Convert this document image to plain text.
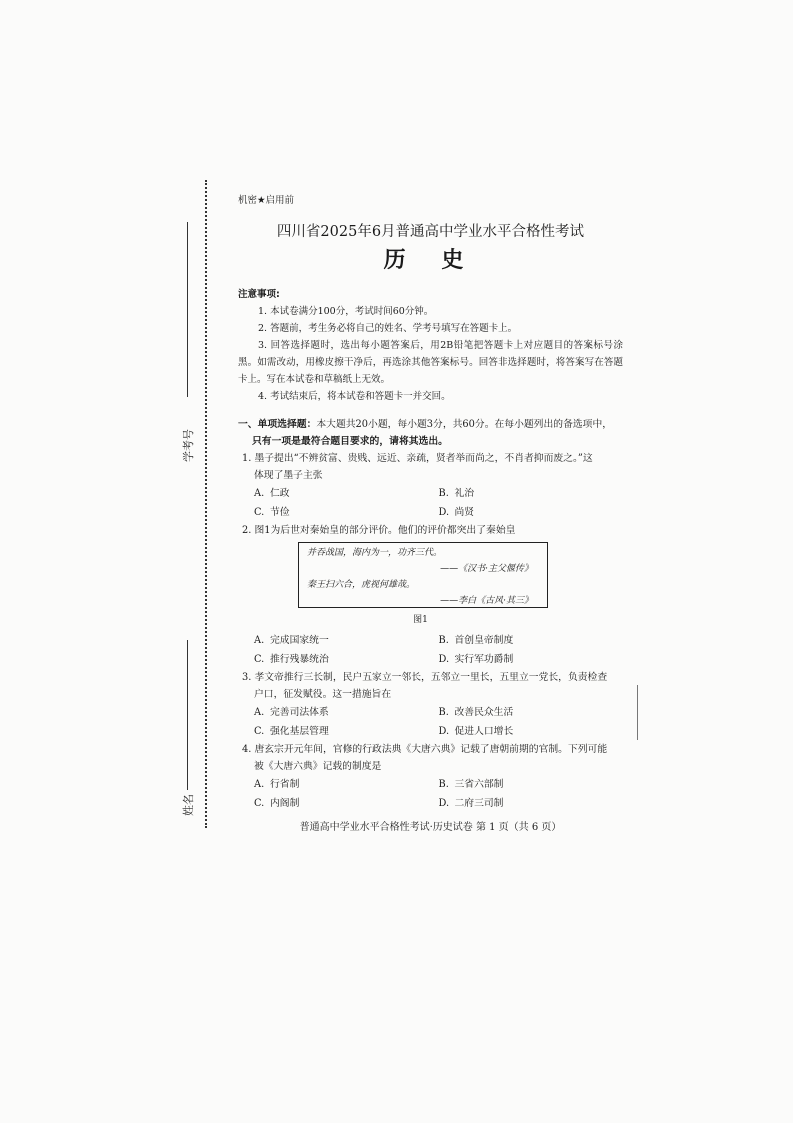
学考号
姓名
机密★启用前
四川省2025年6月普通高中学业水平合格性考试
历 史
注意事项:
1. 本试卷满分100分，考试时间60分钟。
2. 答题前，考生务必将自己的姓名、学考号填写在答题卡上。
3. 回答选择题时，选出每小题答案后，用2B铅笔把答题卡上对应题目的答案标号涂黑。如需改动，用橡皮擦干净后，再选涂其他答案标号。回答非选择题时，将答案写在答题卡上。写在本试卷和草稿纸上无效。
4. 考试结束后，将本试卷和答题卡一并交回。
一、单项选择题：本大题共20小题，每小题3分，共60分。在每小题列出的备选项中，
只有一项是最符合题目要求的，请将其选出。
1. 墨子提出“不辨贫富、贵贱、远近、亲疏，贤者举而尚之，不肖者抑而废之。”这
体现了墨子主张
A. 仁政	B. 礼治
C. 节俭	D. 尚贤
2. 图1为后世对秦始皇的部分评价。他们的评价都突出了秦始皇
并吞战国，海内为一，功齐三代。
——《汉书·主父偃传》
秦王扫六合，虎视何雄哉。
——李白《古风·其三》
图1
A. 完成国家统一	B. 首创皇帝制度
C. 推行残暴统治	D. 实行军功爵制
3. 孝文帝推行三长制，民户五家立一邻长，五邻立一里长，五里立一党长，负责检查
户口，征发赋役。这一措施旨在
A. 完善司法体系	B. 改善民众生活
C. 强化基层管理	D. 促进人口增长
4. 唐玄宗开元年间，官修的行政法典《大唐六典》记载了唐朝前期的官制。下列可能
被《大唐六典》记载的制度是
A. 行省制	B. 三省六部制
C. 内阁制	D. 二府三司制
普通高中学业水平合格性考试·历史试卷 第 1 页（共 6 页）
